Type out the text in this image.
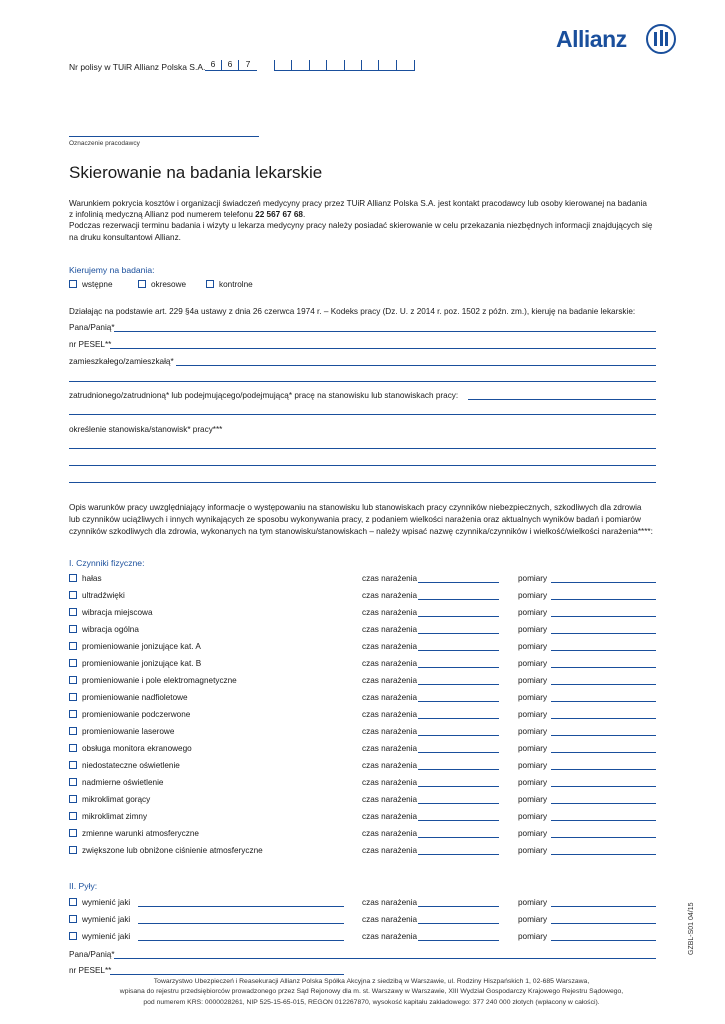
Allianz
Nr polisy w TUiR Allianz Polska S.A. 6	6	7
Oznaczenie pracodawcy
Skierowanie na badania lekarskie
Warunkiem pokrycia kosztów i organizacji świadczeń medycyny pracy przez TUiR Allianz Polska S.A. jest kontakt pracodawcy lub osoby kierowanej na badania
z infolinią medyczną Allianz pod numerem telefonu 22 567 67 68.
Podczas rezerwacji terminu badania i wizyty u lekarza medycyny pracy należy posiadać skierowanie w celu przekazania niezbędnych informacji znajdujących się
na druku konsultantowi Allianz.
Kierujemy na badania:
wstępne	okresowe	kontrolne
Działając na podstawie art. 229 §4a ustawy z dnia 26 czerwca 1974 r. – Kodeks pracy (Dz. U. z 2014 r. poz. 1502 z późn. zm.), kieruję na badanie lekarskie:
Pana/Panią*
nr PESEL**
zamieszkałego/zamieszkałą*
zatrudnionego/zatrudnioną* lub podejmującego/podejmującą* pracę na stanowisku lub stanowiskach pracy:
określenie stanowiska/stanowisk* pracy***
Opis warunków pracy uwzględniający informacje o występowaniu na stanowisku lub stanowiskach pracy czynników niebezpiecznych, szkodliwych dla zdrowia
lub czynników uciążliwych i innych wynikających ze sposobu wykonywania pracy, z podaniem wielkości narażenia oraz aktualnych wyników badań i pomiarów
czynników szkodliwych dla zdrowia, wykonanych na tym stanowisku/stanowiskach – należy wpisać nazwę czynnika/czynników i wielkość/wielkości narażenia****:
I. Czynniki fizyczne:
hałas	czas narażenia	pomiary
ultradźwięki	czas narażenia	pomiary
wibracja miejscowa	czas narażenia	pomiary
wibracja ogólna	czas narażenia	pomiary
promieniowanie jonizujące kat. A	czas narażenia	pomiary
promieniowanie jonizujące kat. B	czas narażenia	pomiary
promieniowanie i pole elektromagnetyczne	czas narażenia	pomiary
promieniowanie nadfioletowe	czas narażenia	pomiary
promieniowanie podczerwone	czas narażenia	pomiary
promieniowanie laserowe	czas narażenia	pomiary
obsługa monitora ekranowego	czas narażenia	pomiary
niedostateczne oświetlenie	czas narażenia	pomiary
nadmierne oświetlenie	czas narażenia	pomiary
mikroklimat gorący	czas narażenia	pomiary
mikroklimat zimny	czas narażenia	pomiary
zmienne warunki atmosferyczne	czas narażenia	pomiary
zwiększone lub obniżone ciśnienie atmosferyczne	czas narażenia	pomiary
II. Pyły:
wymienić jaki	czas narażenia	pomiary
wymienić jaki	czas narażenia	pomiary
wymienić jaki	czas narażenia	pomiary
Pana/Panią*
nr PESEL**
Towarzystwo Ubezpieczeń i Reasekuracji Allianz Polska Spółka Akcyjna z siedzibą w Warszawie, ul. Rodziny Hiszpańskich 1, 02-685 Warszawa,
wpisana do rejestru przedsiębiorców prowadzonego przez Sąd Rejonowy dla m. st. Warszawy w Warszawie, XIII Wydział Gospodarczy Krajowego Rejestru Sądowego,
pod numerem KRS: 0000028261, NIP 525-15-65-015, REGON 012267870, wysokość kapitału zakładowego: 377 240 000 złotych (wpłacony w całości).
GZBL-S01 04/15
